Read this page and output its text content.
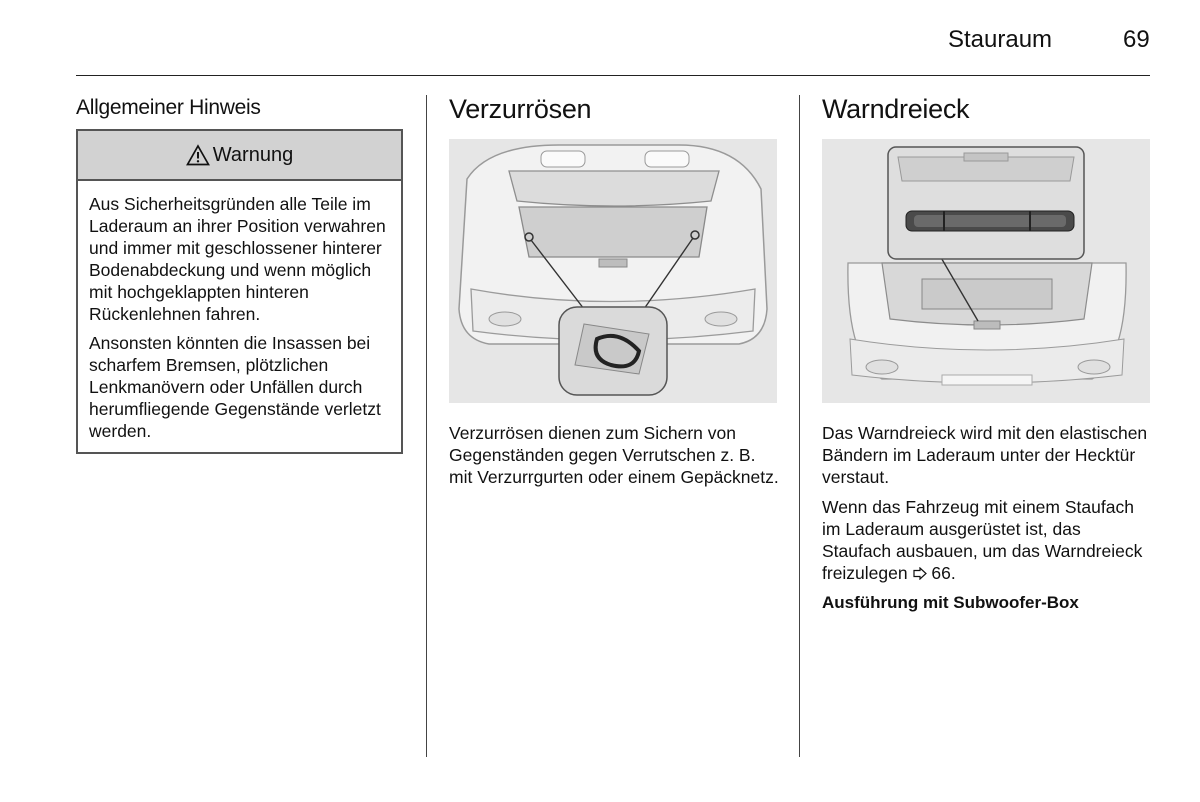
Stauraum	69
Allgemeiner Hinweis
Warnung

Aus Sicherheitsgründen alle Teile im Laderaum an ihrer Position verwahren und immer mit geschlossener hinterer Bodenabdeckung und wenn möglich mit hochgeklappten hinteren Rückenlehnen fahren.

Ansonsten könnten die Insassen bei scharfem Bremsen, plötzlichen Lenkmanövern oder Unfällen durch herumfliegende Gegenstände verletzt werden.

Verzurrösen

Verzurrösen dienen zum Sichern von Gegenständen gegen Verrutschen z. B. mit Verzurrgurten oder einem Gepäcknetz.

Warndreieck

Das Warndreieck wird mit den elastischen Bändern im Laderaum unter der Hecktür verstaut.

Wenn das Fahrzeug mit einem Staufach im Laderaum ausgerüstet ist, das Staufach ausbauen, um das Warndreieck freizulegen 66.

Ausführung mit Subwoofer-Box
